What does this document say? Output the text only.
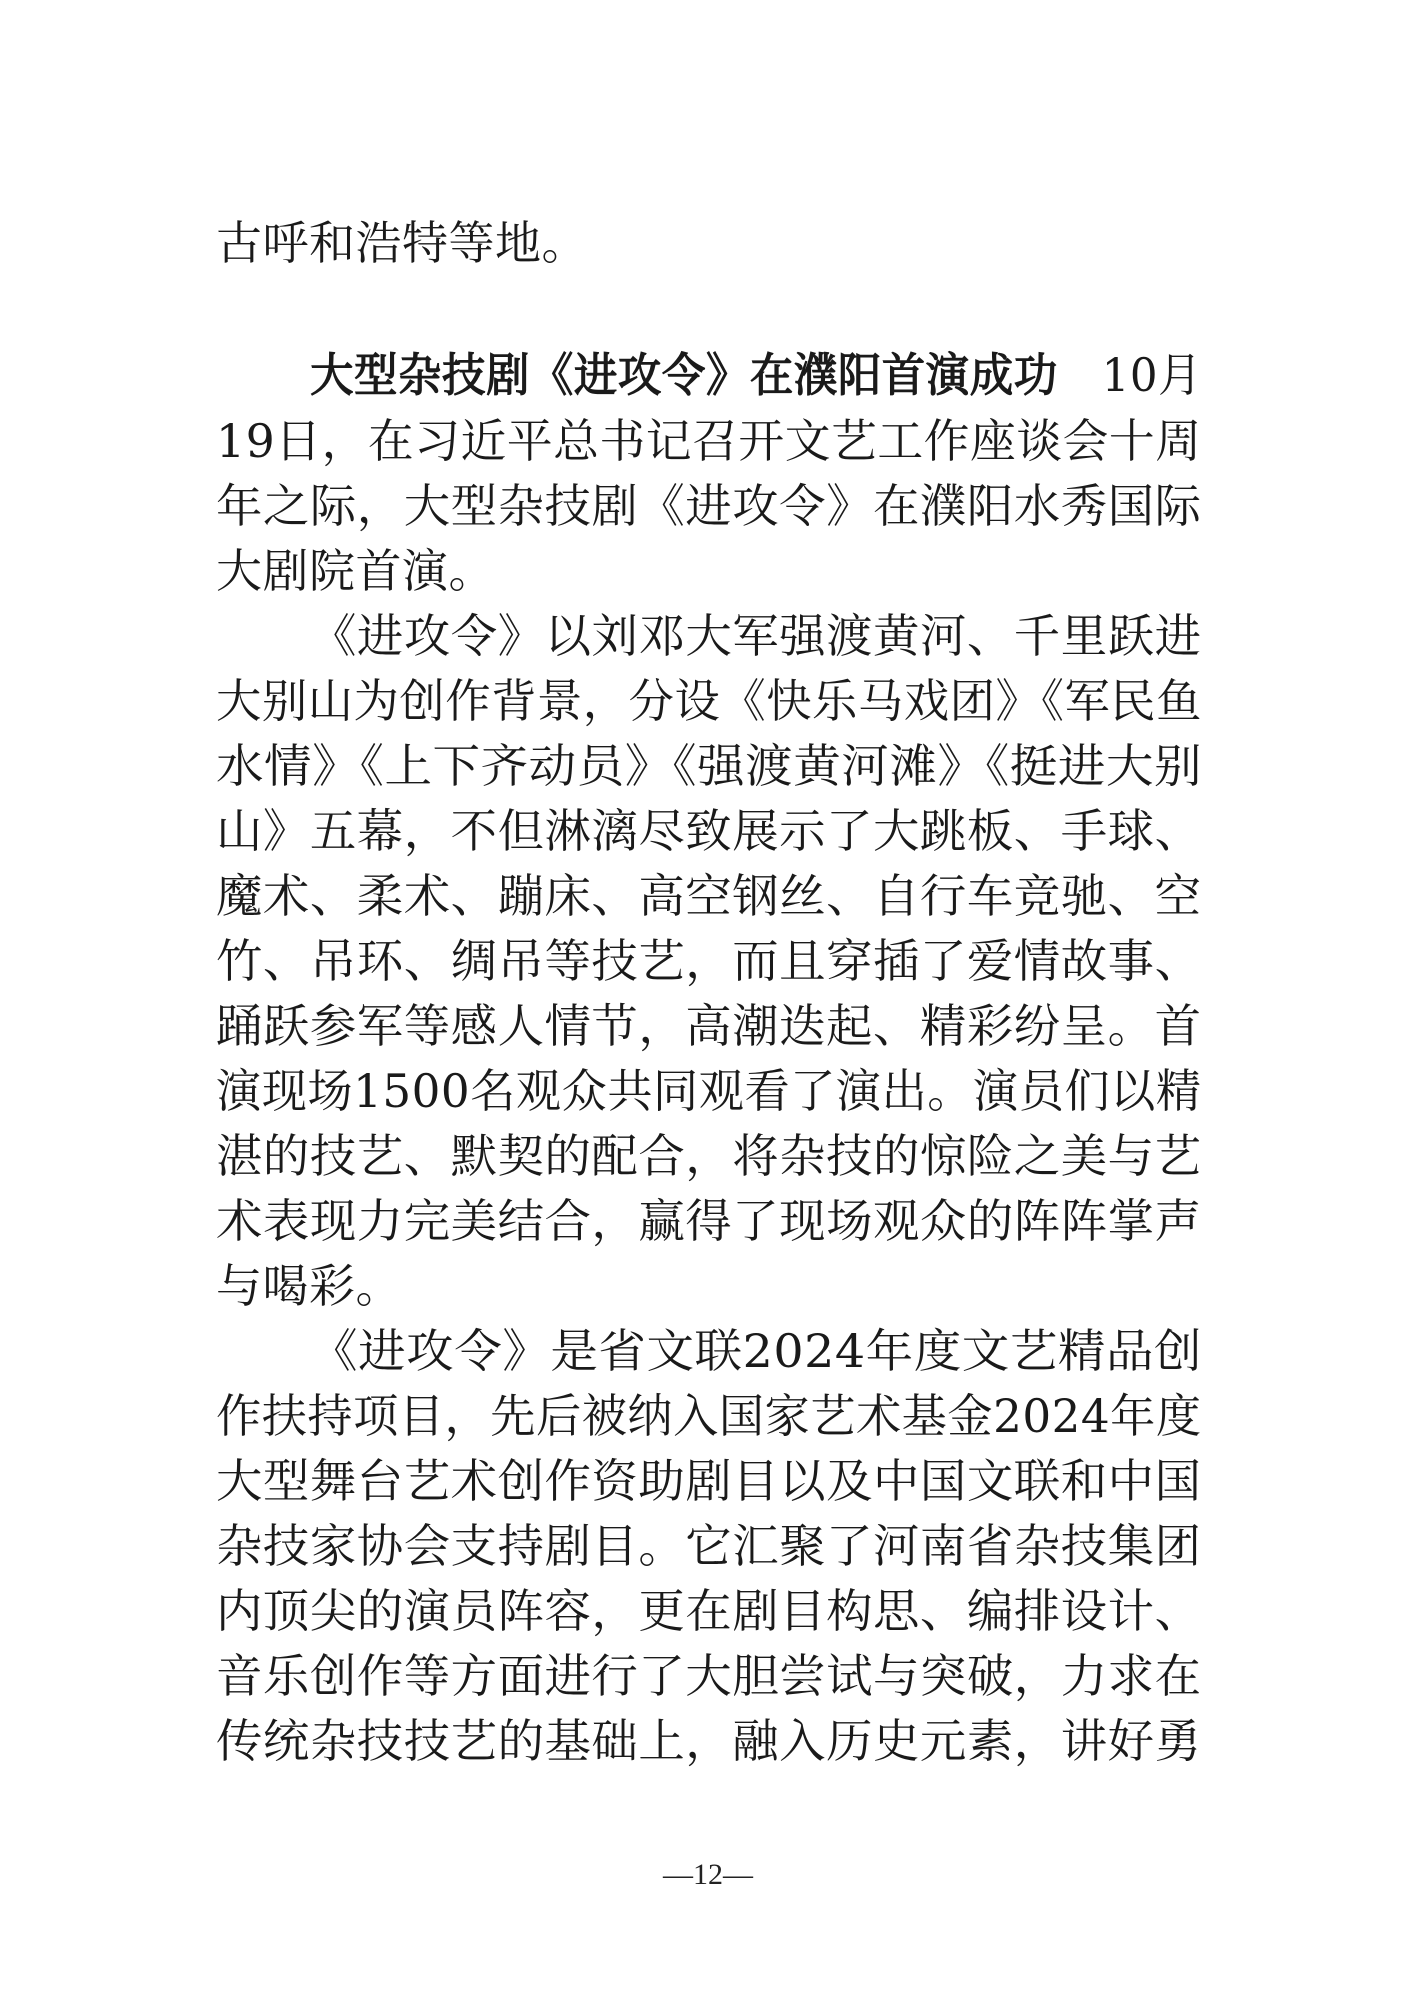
古呼和浩特等地。
大型杂技剧《进攻令》在濮阳首演成功　10月
19日，在习近平总书记召开文艺工作座谈会十周
年之际，大型杂技剧《进攻令》在濮阳水秀国际
大剧院首演。
《进攻令》以刘邓大军强渡黄河、千里跃进
大别山为创作背景，分设《快乐马戏团》《军民鱼
水情》《上下齐动员》《强渡黄河滩》《挺进大别
山》五幕，不但淋漓尽致展示了大跳板、手球、
魔术、柔术、蹦床、高空钢丝、自行车竞驰、空
竹、吊环、绸吊等技艺，而且穿插了爱情故事、
踊跃参军等感人情节，高潮迭起、精彩纷呈。首
演现场1500名观众共同观看了演出。演员们以精
湛的技艺、默契的配合，将杂技的惊险之美与艺
术表现力完美结合，赢得了现场观众的阵阵掌声
与喝彩。
《进攻令》是省文联2024年度文艺精品创
作扶持项目，先后被纳入国家艺术基金2024年度
大型舞台艺术创作资助剧目以及中国文联和中国
杂技家协会支持剧目。它汇聚了河南省杂技集团
内顶尖的演员阵容，更在剧目构思、编排设计、
音乐创作等方面进行了大胆尝试与突破，力求在
传统杂技技艺的基础上，融入历史元素，讲好勇
—12—
